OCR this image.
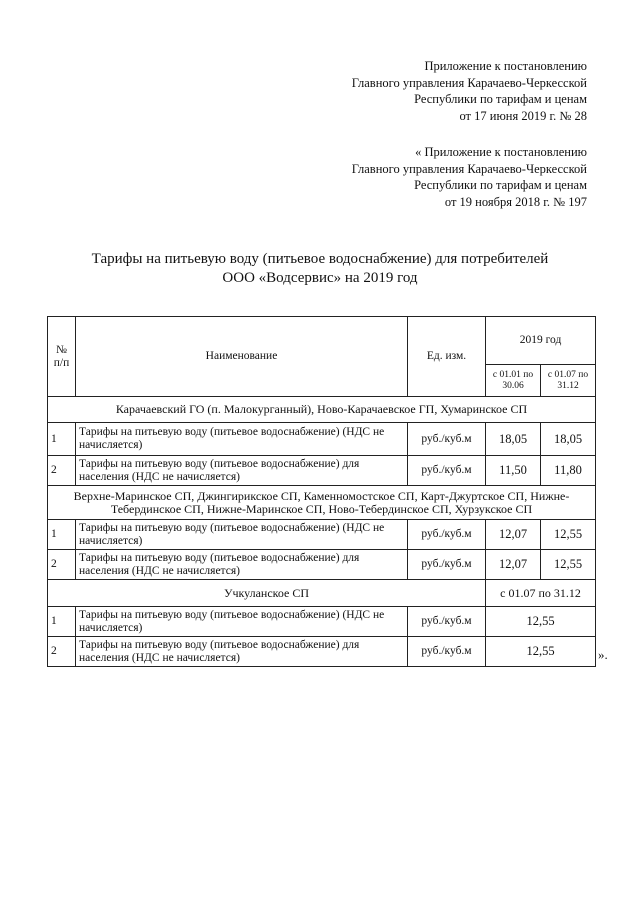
Приложение к постановлению
Главного управления Карачаево-Черкесской
Республики по тарифам и ценам
от 17 июня 2019 г. № 28
« Приложение к постановлению
Главного управления Карачаево-Черкесской
Республики по тарифам и ценам
от 19 ноября 2018 г. № 197
Тарифы на питьевую воду (питьевое водоснабжение) для потребителей
ООО «Водсервис» на 2019 год
№ п/п	Наименование	Ед. изм.	2019 год	
			с 01.01 по 30.06	с 01.07 по 31.12
Карачаевский ГО (п. Малокурганный), Ново-Карачаевское ГП, Хумаринское СП				
1	Тарифы на питьевую воду (питьевое водоснабжение) (НДС не начисляется)	руб./куб.м	18,05	18,05
2	Тарифы на питьевую воду (питьевое водоснабжение) для населения (НДС не начисляется)	руб./куб.м	11,50	11,80
Верхне-Маринское СП, Джингирикское СП, Каменномостское СП, Карт-Джуртское СП, Нижне-Тебердинское СП, Нижне-Маринское СП, Ново-Тебердинское СП, Хурзукское СП				
1	Тарифы на питьевую воду (питьевое водоснабжение) (НДС не начисляется)	руб./куб.м	12,07	12,55
2	Тарифы на питьевую воду (питьевое водоснабжение) для населения (НДС не начисляется)	руб./куб.м	12,07	12,55
Учкуланское СП			с 01.07 по 31.12	
1	Тарифы на питьевую воду (питьевое водоснабжение) (НДС не начисляется)	руб./куб.м	12,55	
2	Тарифы на питьевую воду (питьевое водоснабжение) для населения (НДС не начисляется)	руб./куб.м	12,55		».
